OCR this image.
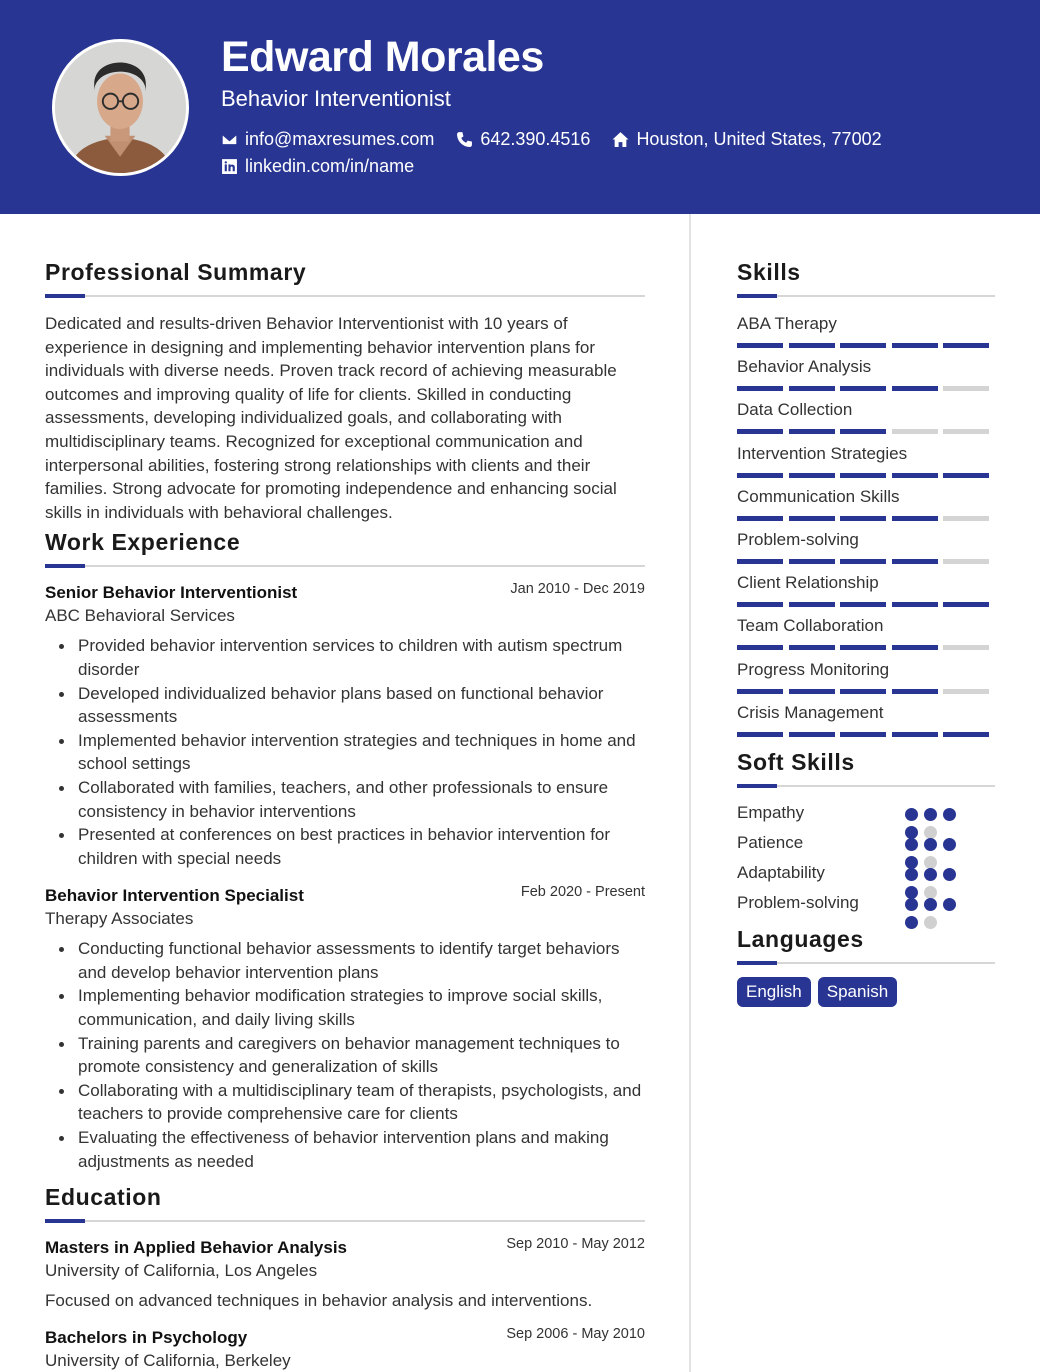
Edward Morales
Behavior Interventionist
info@maxresumes.com	642.390.4516	Houston, United States, 77002
linkedin.com/in/name
Professional Summary
Dedicated and results-driven Behavior Interventionist with 10 years of experience in designing and implementing behavior intervention plans for individuals with diverse needs. Proven track record of achieving measurable outcomes and improving quality of life for clients. Skilled in conducting assessments, developing individualized goals, and collaborating with multidisciplinary teams. Recognized for exceptional communication and interpersonal abilities, fostering strong relationships with clients and their families. Strong advocate for promoting independence and enhancing social skills in individuals with behavioral challenges.
Work Experience
Senior Behavior Interventionist	Jan 2010 - Dec 2019
ABC Behavioral Services
Provided behavior intervention services to children with autism spectrum disorder
Developed individualized behavior plans based on functional behavior assessments
Implemented behavior intervention strategies and techniques in home and school settings
Collaborated with families, teachers, and other professionals to ensure consistency in behavior interventions
Presented at conferences on best practices in behavior intervention for children with special needs
Behavior Intervention Specialist	Feb 2020 - Present
Therapy Associates
Conducting functional behavior assessments to identify target behaviors and develop behavior intervention plans
Implementing behavior modification strategies to improve social skills, communication, and daily living skills
Training parents and caregivers on behavior management techniques to promote consistency and generalization of skills
Collaborating with a multidisciplinary team of therapists, psychologists, and teachers to provide comprehensive care for clients
Evaluating the effectiveness of behavior intervention plans and making adjustments as needed
Education
Masters in Applied Behavior Analysis	Sep 2010 - May 2012
University of California, Los Angeles
Focused on advanced techniques in behavior analysis and interventions.
Bachelors in Psychology	Sep 2006 - May 2010
University of California, Berkeley
Skills
ABA Therapy
Behavior Analysis
Data Collection
Intervention Strategies
Communication Skills
Problem-solving
Client Relationship
Team Collaboration
Progress Monitoring
Crisis Management
Soft Skills
Empathy
Patience
Adaptability
Problem-solving
Languages
English	Spanish
